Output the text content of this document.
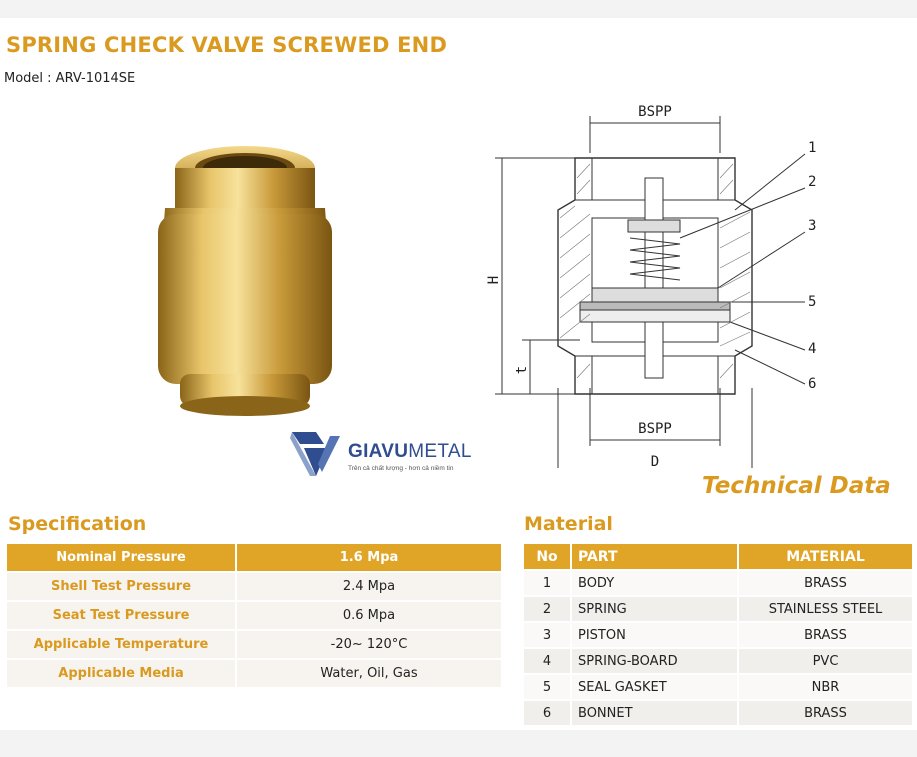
SPRING CHECK VALVE SCREWED END
Model : ARV-1014SE
BSPP
BSPP
D
H
t
1
2
3
5
4
6
GIAVUMETAL
Trên cả chất lượng - hơn cả niềm tin
Technical Data
Specification	Material
Nominal Pressure	1.6 Mpa
Shell Test Pressure	2.4 Mpa
Seat Test Pressure	0.6 Mpa
Applicable Temperature	-20~ 120°C
Applicable Media	Water, Oil, Gas
No	PART	MATERIAL
1	BODY	BRASS
2	SPRING	STAINLESS STEEL
3	PISTON	BRASS
4	SPRING-BOARD	PVC
5	SEAL GASKET	NBR
6	BONNET	BRASS
